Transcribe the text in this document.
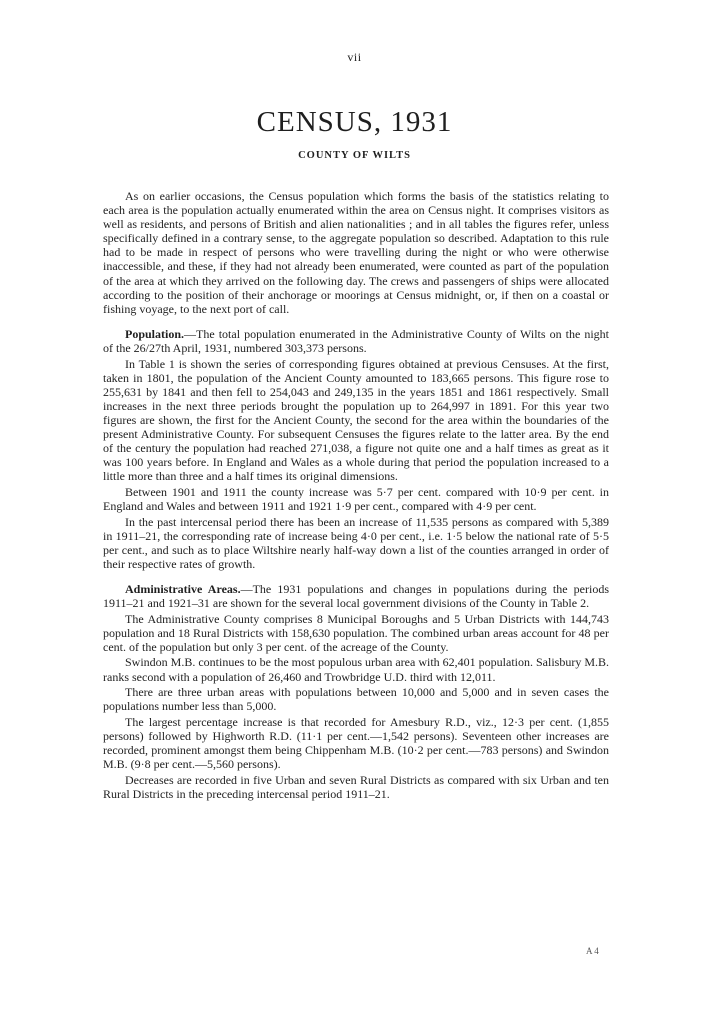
vii
CENSUS, 1931
COUNTY OF WILTS

As on earlier occasions, the Census population which forms the basis of the statistics relating to each area is the population actually enumerated within the area on Census night. It comprises visitors as well as residents, and persons of British and alien nationalities ; and in all tables the figures refer, unless specifically defined in a contrary sense, to the aggregate population so described. Adaptation to this rule had to be made in respect of persons who were travelling during the night or who were otherwise inaccessible, and these, if they had not already been enumerated, were counted as part of the population of the area at which they arrived on the following day. The crews and passengers of ships were allocated according to the position of their anchorage or moorings at Census midnight, or, if then on a coastal or fishing voyage, to the next port of call.

Population.—The total population enumerated in the Administrative County of Wilts on the night of the 26/27th April, 1931, numbered 303,373 persons.

In Table 1 is shown the series of corresponding figures obtained at previous Censuses. At the first, taken in 1801, the population of the Ancient County amounted to 183,665 persons. This figure rose to 255,631 by 1841 and then fell to 254,043 and 249,135 in the years 1851 and 1861 respectively. Small increases in the next three periods brought the population up to 264,997 in 1891. For this year two figures are shown, the first for the Ancient County, the second for the area within the boundaries of the present Administrative County. For subsequent Censuses the figures relate to the latter area. By the end of the century the population had reached 271,038, a figure not quite one and a half times as great as it was 100 years before. In England and Wales as a whole during that period the population increased to a little more than three and a half times its original dimensions.

Between 1901 and 1911 the county increase was 5·7 per cent. compared with 10·9 per cent. in England and Wales and between 1911 and 1921 1·9 per cent., compared with 4·9 per cent.

In the past intercensal period there has been an increase of 11,535 persons as compared with 5,389 in 1911–21, the corresponding rate of increase being 4·0 per cent., i.e. 1·5 below the national rate of 5·5 per cent., and such as to place Wiltshire nearly half-way down a list of the counties arranged in order of their respective rates of growth.

Administrative Areas.—The 1931 populations and changes in populations during the periods 1911–21 and 1921–31 are shown for the several local government divisions of the County in Table 2.

The Administrative County comprises 8 Municipal Boroughs and 5 Urban Districts with 144,743 population and 18 Rural Districts with 158,630 population. The combined urban areas account for 48 per cent. of the population but only 3 per cent. of the acreage of the County.

Swindon M.B. continues to be the most populous urban area with 62,401 population. Salisbury M.B. ranks second with a population of 26,460 and Trowbridge U.D. third with 12,011.

There are three urban areas with populations between 10,000 and 5,000 and in seven cases the populations number less than 5,000.

The largest percentage increase is that recorded for Amesbury R.D., viz., 12·3 per cent. (1,855 persons) followed by Highworth R.D. (11·1 per cent.—1,542 persons). Seventeen other increases are recorded, prominent amongst them being Chippenham M.B. (10·2 per cent.—783 persons) and Swindon M.B. (9·8 per cent.—5,560 persons).

Decreases are recorded in five Urban and seven Rural Districts as compared with six Urban and ten Rural Districts in the preceding intercensal period 1911–21.

A 4
